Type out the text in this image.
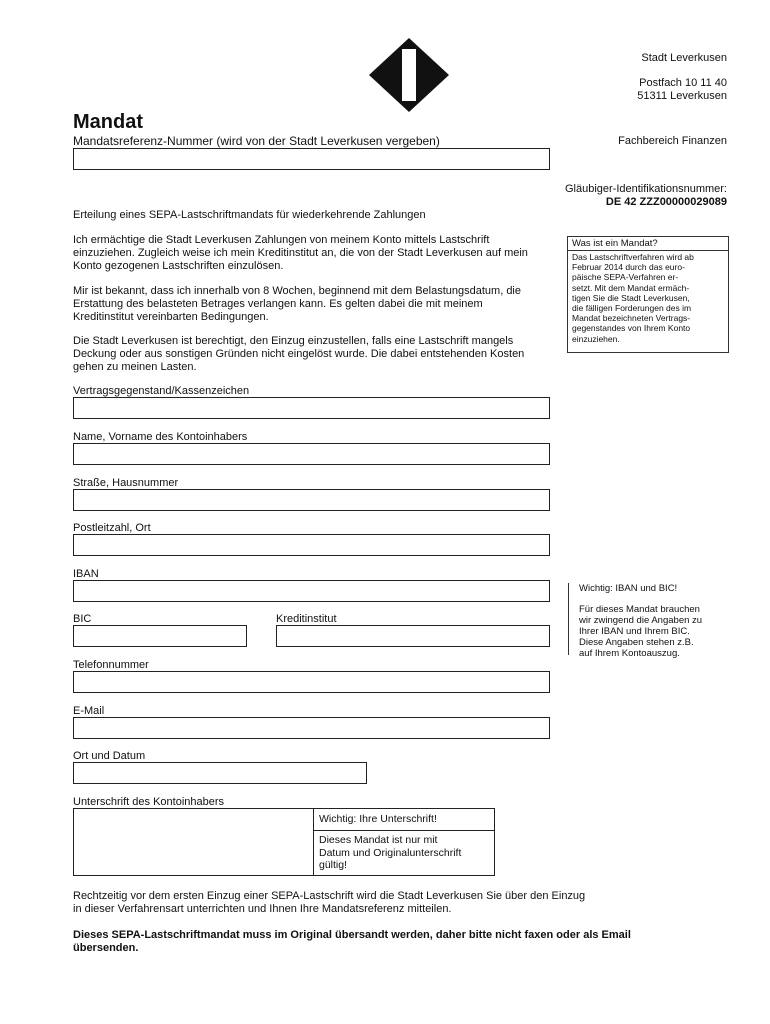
Stadt Leverkusen
Postfach 10 11 40
51311 Leverkusen
Fachbereich Finanzen
Gläubiger-Identifikationsnummer:
DE 42 ZZZ00000029089
Mandat
Mandatsreferenz-Nummer (wird von der Stadt Leverkusen vergeben)
Erteilung eines SEPA-Lastschriftmandats für wiederkehrende Zahlungen
Ich ermächtige die Stadt Leverkusen Zahlungen von meinem Konto mittels Lastschrift
einzuziehen. Zugleich weise ich mein Kreditinstitut an, die von der Stadt Leverkusen auf mein
Konto gezogenen Lastschriften einzulösen.
Mir ist bekannt, dass ich innerhalb von 8 Wochen, beginnend mit dem Belastungsdatum, die
Erstattung des belasteten Betrages verlangen kann. Es gelten dabei die mit meinem
Kreditinstitut vereinbarten Bedingungen.
Die Stadt Leverkusen ist berechtigt, den Einzug einzustellen, falls eine Lastschrift mangels
Deckung oder aus sonstigen Gründen nicht eingelöst wurde. Die dabei entstehenden Kosten
gehen zu meinen Lasten.
Was ist ein Mandat?
Das Lastschriftverfahren wird ab
Februar 2014 durch das euro-
päische SEPA-Verfahren er-
setzt. Mit dem Mandat ermäch-
tigen Sie die Stadt Leverkusen,
die fälligen Forderungen des im
Mandat bezeichneten Vertrags-
gegenstandes von Ihrem Konto
einzuziehen.
Vertragsgegenstand/Kassenzeichen
Name, Vorname des Kontoinhabers
Straße, Hausnummer
Postleitzahl, Ort
IBAN
BIC	Kreditinstitut
Wichtig: IBAN und BIC!
Für dieses Mandat brauchen
wir zwingend die Angaben zu
Ihrer IBAN und Ihrem BIC.
Diese Angaben stehen z.B.
auf Ihrem Kontoauszug.
Telefonnummer
E-Mail
Ort und Datum
Unterschrift des Kontoinhabers
Wichtig: Ihre Unterschrift!
Dieses Mandat ist nur mit
Datum und Originalunterschrift
gültig!
Rechtzeitig vor dem ersten Einzug einer SEPA-Lastschrift wird die Stadt Leverkusen Sie über den Einzug
in dieser Verfahrensart unterrichten und Ihnen Ihre Mandatsreferenz mitteilen.
Dieses SEPA-Lastschriftmandat muss im Original übersandt werden, daher bitte nicht faxen oder als Email
übersenden.
